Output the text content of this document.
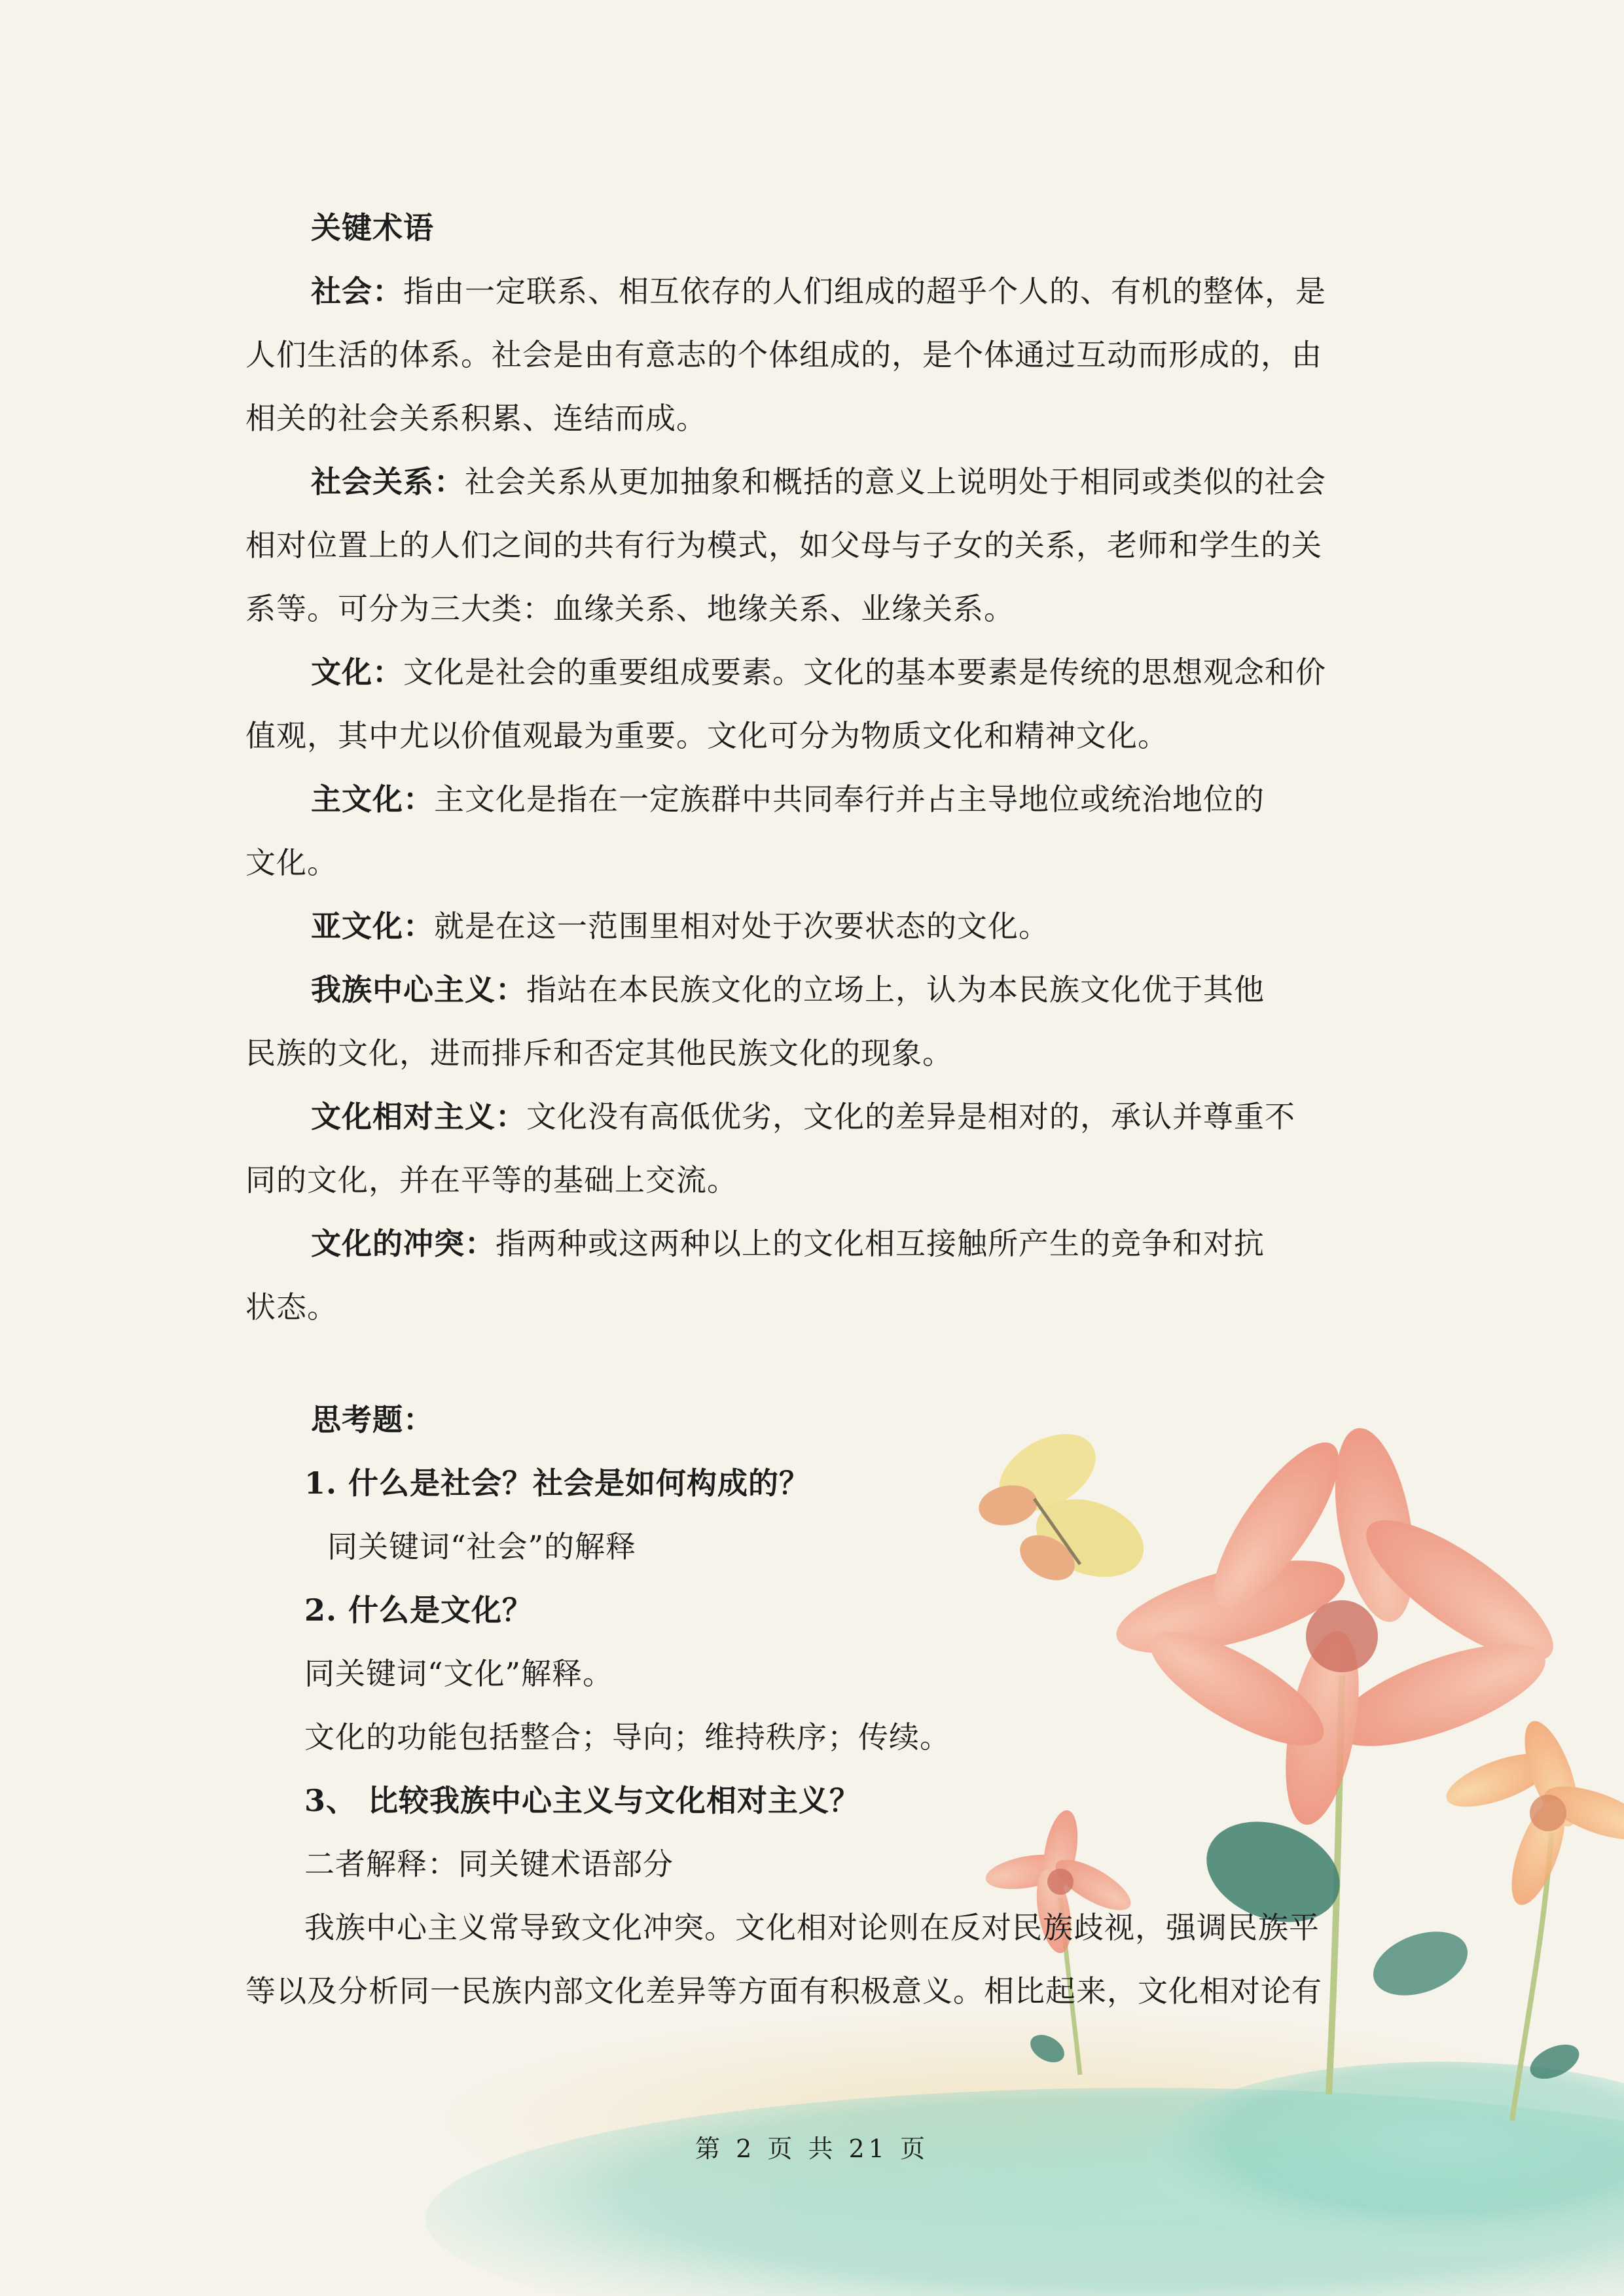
关键术语

社会：指由一定联系、相互依存的人们组成的超乎个人的、有机的整体，是

人们生活的体系。社会是由有意志的个体组成的，是个体通过互动而形成的，由

相关的社会关系积累、连结而成。

社会关系：社会关系从更加抽象和概括的意义上说明处于相同或类似的社会

相对位置上的人们之间的共有行为模式，如父母与子女的关系，老师和学生的关

系等。可分为三大类：血缘关系、地缘关系、业缘关系。

文化：文化是社会的重要组成要素。文化的基本要素是传统的思想观念和价

值观，其中尤以价值观最为重要。文化可分为物质文化和精神文化。

主文化：主文化是指在一定族群中共同奉行并占主导地位或统治地位的

文化。

亚文化：就是在这一范围里相对处于次要状态的文化。

我族中心主义：指站在本民族文化的立场上，认为本民族文化优于其他

民族的文化，进而排斥和否定其他民族文化的现象。

文化相对主义：文化没有高低优劣，文化的差异是相对的，承认并尊重不

同的文化，并在平等的基础上交流。

文化的冲突：指两种或这两种以上的文化相互接触所产生的竞争和对抗

状态。

思考题：

1. 什么是社会？社会是如何构成的？

同关键词“社会”的解释

2. 什么是文化？

同关键词“文化”解释。

文化的功能包括整合；导向；维持秩序；传续。

3、 比较我族中心主义与文化相对主义？

二者解释：同关键术语部分

我族中心主义常导致文化冲突。文化相对论则在反对民族歧视，强调民族平

等以及分析同一民族内部文化差异等方面有积极意义。相比起来，文化相对论有

第 2 页 共 21 页
